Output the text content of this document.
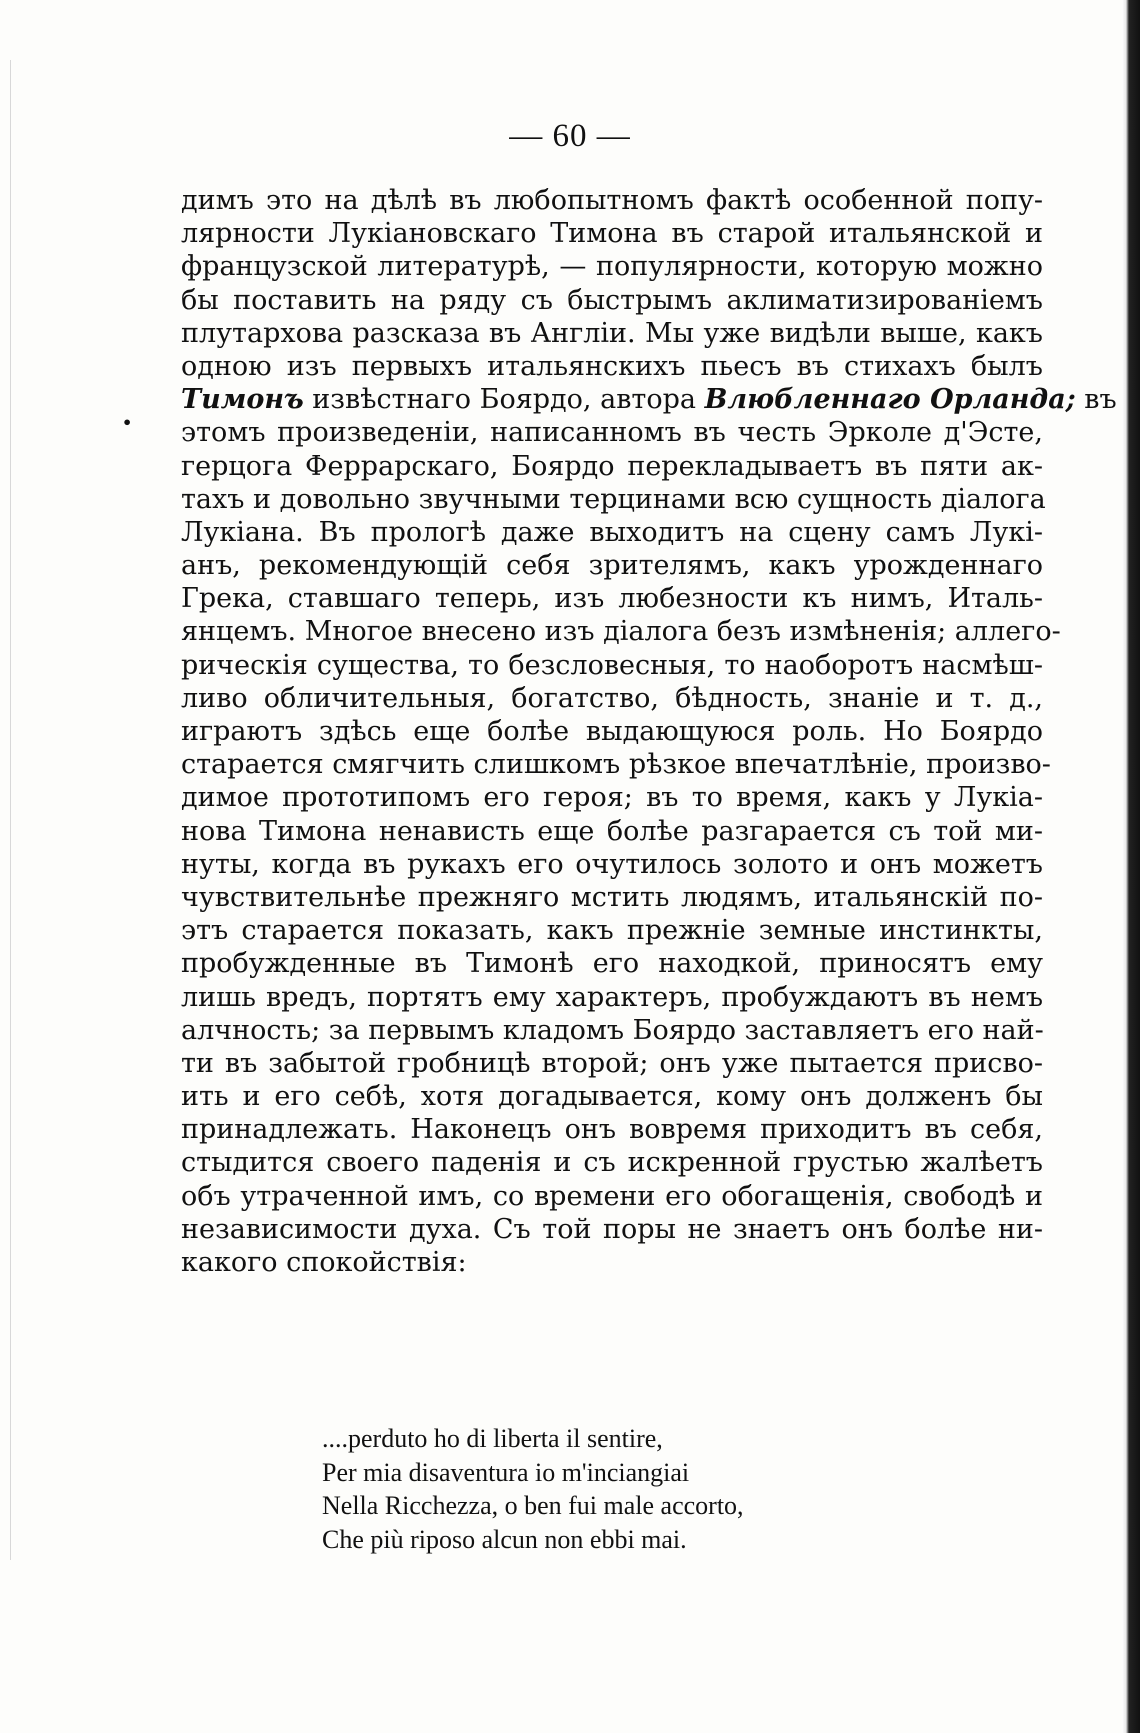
— 60 —
•
димъ это на дѣлѣ въ любопытномъ фактѣ особенной попу-
лярности Лукіановскаго Тимона въ старой итальянской и
французской литературѣ, — популярности, которую можно
бы поставить на ряду съ быстрымъ аклиматизированіемъ
плутархова разсказа въ Англіи. Мы уже видѣли выше, какъ
одною изъ первыхъ итальянскихъ пьесъ въ стихахъ былъ
Тимонъ извѣстнаго Боярдо, автора Влюбленнаго Орланда; въ
этомъ произведеніи, написанномъ въ честь Эрколе д'Эсте,
герцога Феррарскаго, Боярдо перекладываетъ въ пяти ак-
тахъ и довольно звучными терцинами всю сущность діалога
Лукіана. Въ прологѣ даже выходитъ на сцену самъ Лукі-
анъ, рекомендующій себя зрителямъ, какъ урожденнаго
Грека, ставшаго теперь, изъ любезности къ нимъ, Италь-
янцемъ. Многое внесено изъ діалога безъ измѣненія; аллего-
рическія существа, то безсловесныя, то наоборотъ насмѣш-
ливо обличительныя, богатство, бѣдность, знаніе и т. д.,
играютъ здѣсь еще болѣе выдающуюся роль. Но Боярдо
старается смягчить слишкомъ рѣзкое впечатлѣніе, произво-
димое прототипомъ его героя; въ то время, какъ у Лукіа-
нова Тимона ненависть еще болѣе разгарается съ той ми-
нуты, когда въ рукахъ его очутилось золото и онъ можетъ
чувствительнѣе прежняго мстить людямъ, итальянскій по-
этъ старается показать, какъ прежніе земные инстинкты,
пробужденные въ Тимонѣ его находкой, приносятъ ему
лишь вредъ, портятъ ему характеръ, пробуждаютъ въ немъ
алчность; за первымъ кладомъ Боярдо заставляетъ его най-
ти въ забытой гробницѣ второй; онъ уже пытается присво-
ить и его себѣ, хотя догадывается, кому онъ долженъ бы
принадлежать. Наконецъ онъ вовремя приходитъ въ себя,
стыдится своего паденія и съ искренной грустью жалѣетъ
объ утраченной имъ, со времени его обогащенія, свободѣ и
независимости духа. Съ той поры не знаетъ онъ болѣе ни-
какого спокойствія:
....perduto ho di liberta il sentire,
Per mia disaventura io m'inciangiai
Nella Ricchezza, o ben fui male accorto,
Che più riposo alcun non ebbi mai.
